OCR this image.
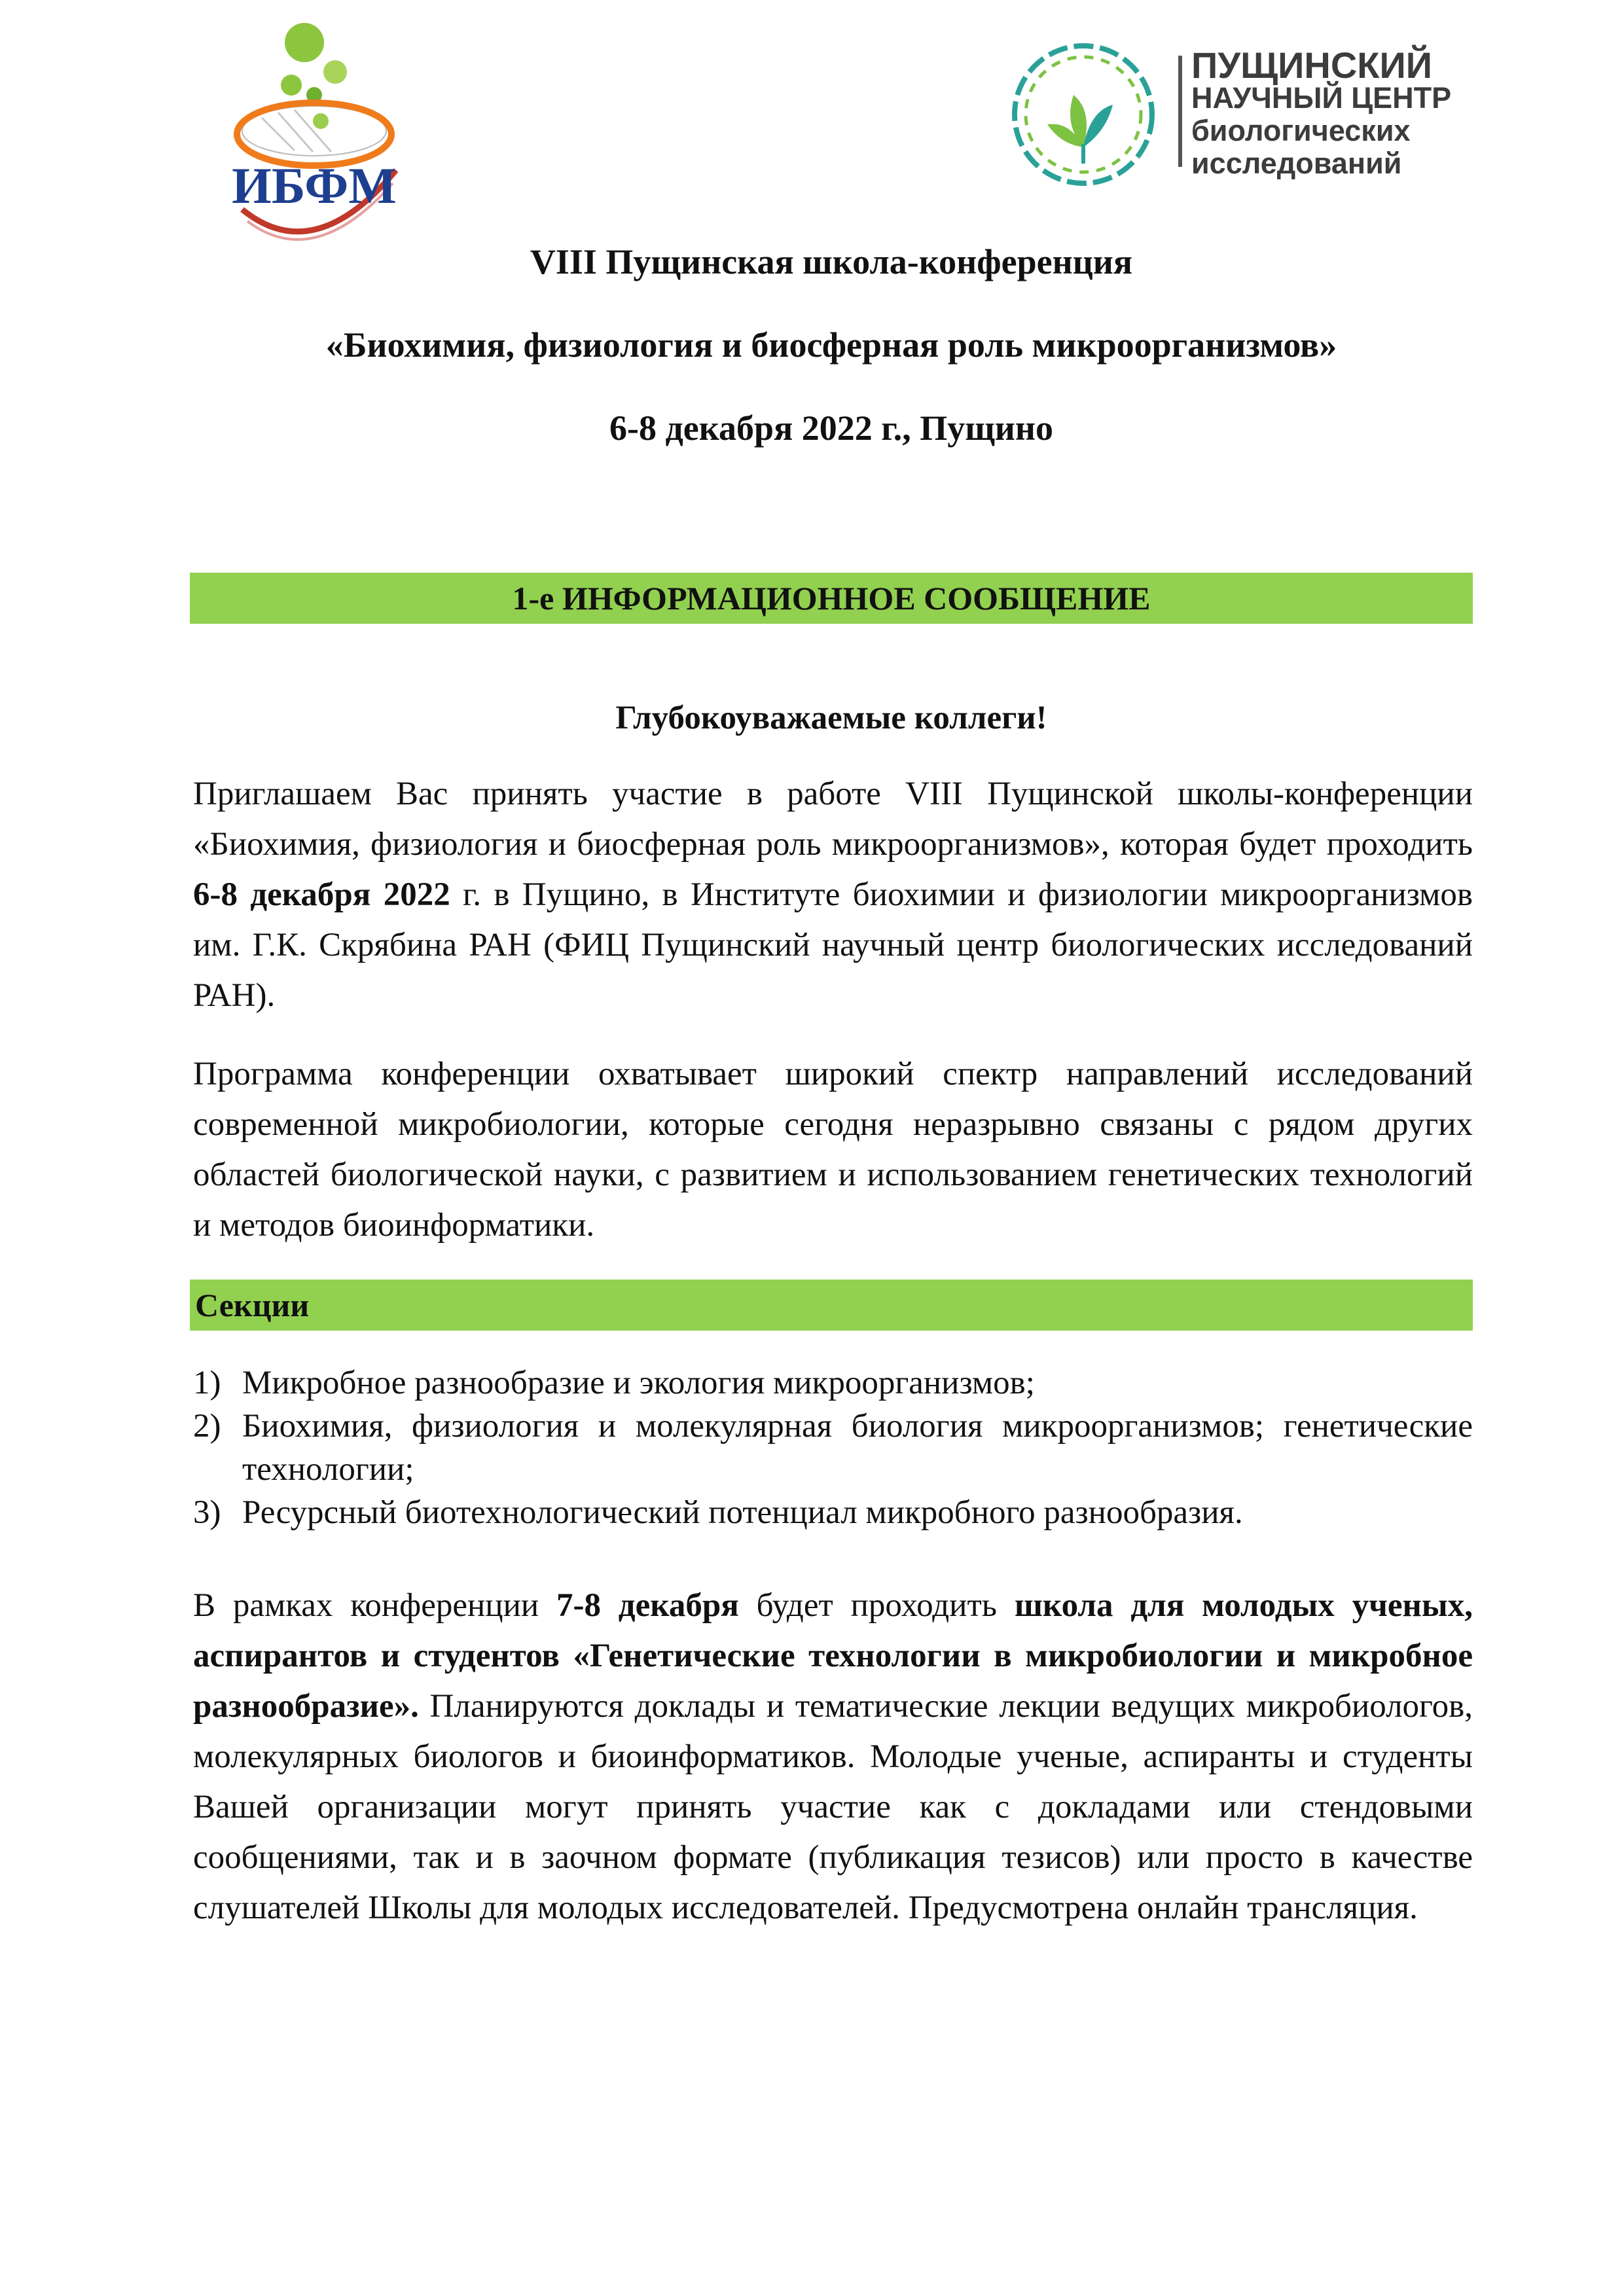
ИБФМ
ПУЩИНСКИЙ
НАУЧНЫЙ ЦЕНТР
биологических
исследований
VIII Пущинская школа-конференция
«Биохимия, физиология и биосферная роль микроорганизмов»
6-8 декабря 2022 г., Пущино
1-е ИНФОРМАЦИОННОЕ СООБЩЕНИЕ
Глубокоуважаемые коллеги!
Приглашаем Вас принять участие в работе VIII Пущинской школы-конференции «Биохимия, физиология и биосферная роль микроорганизмов», которая будет проходить 6-8 декабря 2022 г. в Пущино, в Институте биохимии и физиологии микроорганизмов им. Г.К. Скрябина РАН (ФИЦ Пущинский научный центр биологических исследований РАН).
Программа конференции охватывает широкий спектр направлений исследований современной микробиологии, которые сегодня неразрывно связаны с рядом других областей биологической науки, с развитием и использованием генетических технологий и методов биоинформатики.
Секции
1) Микробное разнообразие и экология микроорганизмов;
2) Биохимия, физиология и молекулярная биология микроорганизмов; генетические технологии;
3) Ресурсный биотехнологический потенциал микробного разнообразия.
В рамках конференции 7-8 декабря будет проходить школа для молодых ученых, аспирантов и студентов «Генетические технологии в микробиологии и микробное разнообразие». Планируются доклады и тематические лекции ведущих микробиологов, молекулярных биологов и биоинформатиков. Молодые ученые, аспиранты и студенты Вашей организации могут принять участие как с докладами или стендовыми сообщениями, так и в заочном формате (публикация тезисов) или просто в качестве слушателей Школы для молодых исследователей. Предусмотрена онлайн трансляция.
